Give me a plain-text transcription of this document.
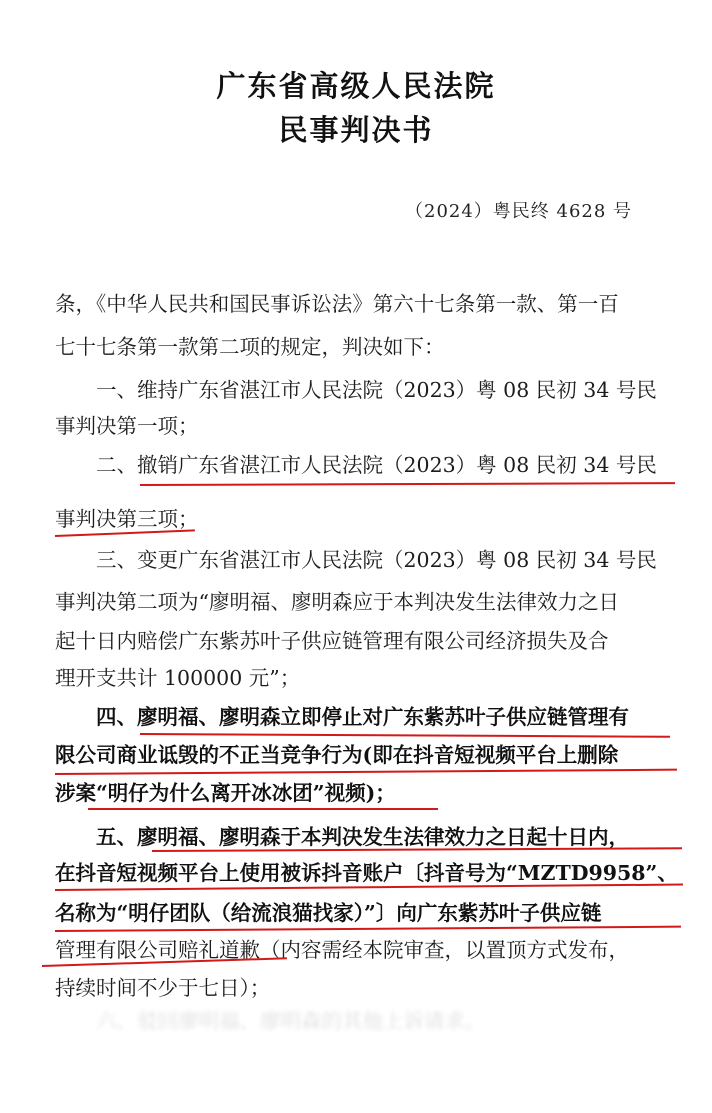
广东省高级人民法院
民事判决书
（2024）粤民终 4628 号
条，《中华人民共和国民事诉讼法》第六十七条第一款、第一百
七十七条第一款第二项的规定，判决如下：
　　一、维持广东省湛江市人民法院（2023）粤 08 民初 34 号民
事判决第一项；
　　二、撤销广东省湛江市人民法院（2023）粤 08 民初 34 号民
事判决第三项；
　　三、变更广东省湛江市人民法院（2023）粤 08 民初 34 号民
事判决第二项为“廖明福、廖明森应于本判决发生法律效力之日
起十日内赔偿广东紫苏叶子供应链管理有限公司经济损失及合
理开支共计 100000 元”；
　　四、廖明福、廖明森立即停止对广东紫苏叶子供应链管理有
限公司商业诋毁的不正当竞争行为(即在抖音短视频平台上删除
涉案“明仔为什么离开冰冰团”视频)；
　　五、廖明福、廖明森于本判决发生法律效力之日起十日内，
在抖音短视频平台上使用被诉抖音账户〔抖音号为“MZTD9958”、
名称为“明仔团队（给流浪猫找家）”〕向广东紫苏叶子供应链
管理有限公司赔礼道歉（内容需经本院审查，以置顶方式发布，
持续时间不少于七日）；
　　六、驳回廖明福、廖明森的其他上诉请求。
